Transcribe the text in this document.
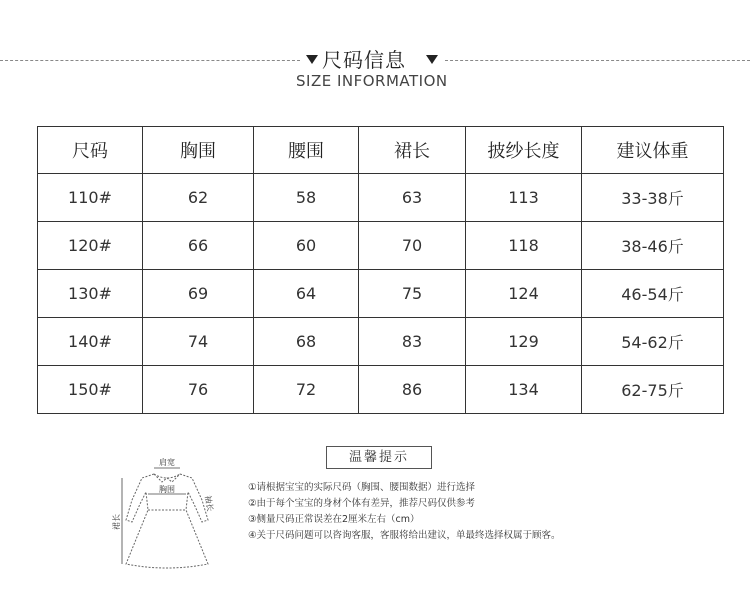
尺码信息
SIZE INFORMATION
尺码	胸围	腰围	裙长	披纱长度	建议体重
110#	62	58	63	113	33-38斤
120#	66	60	70	118	38-46斤
130#	69	64	75	124	46-54斤
140#	74	68	83	129	54-62斤
150#	76	72	86	134	62-75斤
肩宽
胸围
袖长
裙长
温馨提示
①请根据宝宝的实际尺码（胸围、腰围数据）进行选择
②由于每个宝宝的身材个体有差异，推荐尺码仅供参考
③侧量尺码正常误差在2厘米左右（cm）
④关于尺码问题可以咨询客服，客服将给出建议，单最终选择权属于顾客。
